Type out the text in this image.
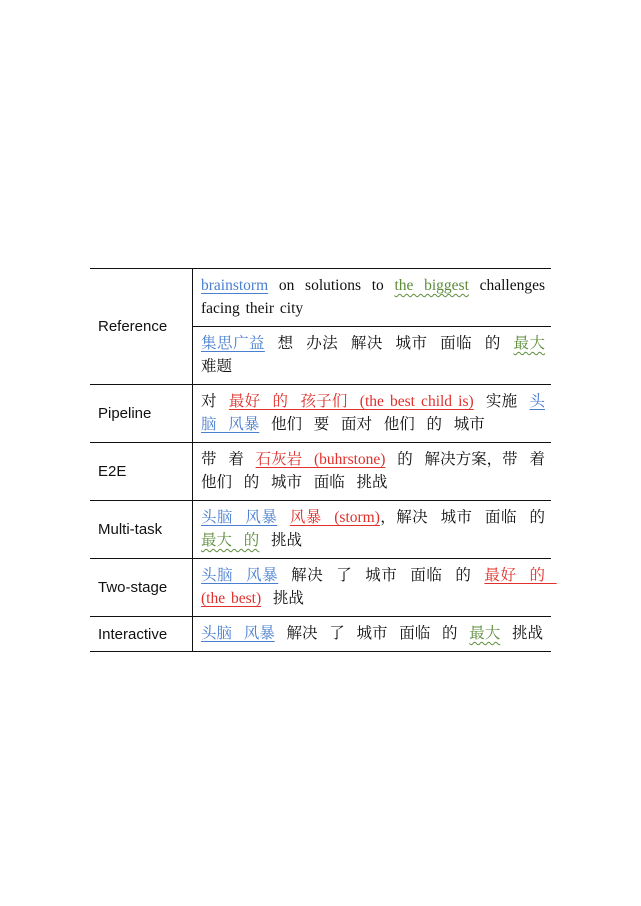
Reference	brainstorm on solutions to the biggest challenges facing their city
	集思广益  想  办法  解决  城市  面临  的  最大  难题
Pipeline	对  最好  的  孩子们  (the best child is)  实施  头脑  风暴  他们  要  面对  他们  的  城市
E2E	带  着  石灰岩  (buhrstone)  的  解决方案，带  着  他们  的  城市  面临  挑战
Multi-task	头脑  风暴 风暴  (storm)，解决  城市  面临  的  最大  的  挑战
Two-stage	头脑  风暴  解决  了  城市  面临  的  最好  的  (the best)  挑战
Interactive	头脑  风暴  解决  了  城市  面临  的  最大  挑战
